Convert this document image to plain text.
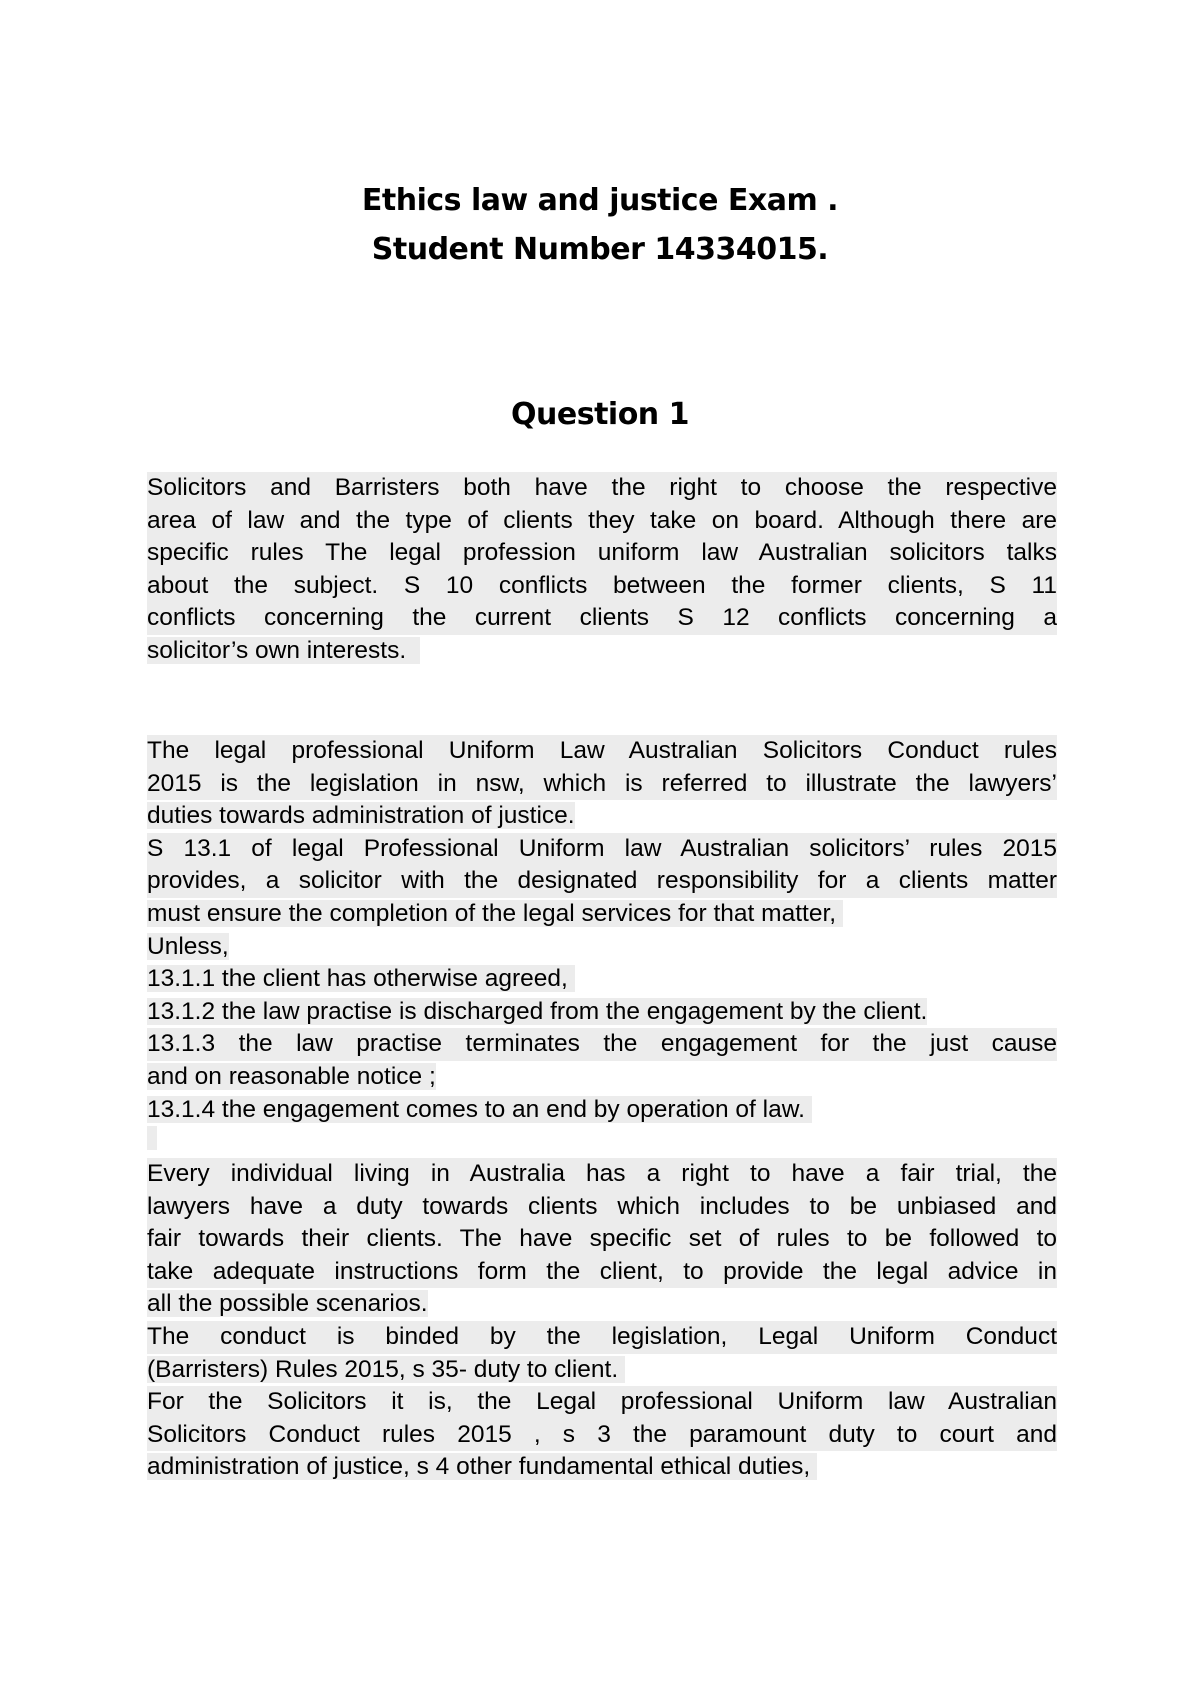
Ethics law and justice Exam .
Student Number 14334015.
Question 1
Solicitors and Barristers both have the right to choose the respective
area of law and the type of clients they take on board. Although there are
specific rules The legal profession uniform law Australian solicitors talks
about the subject. S 10 conflicts between the former clients, S 11
conflicts concerning the current clients S 12 conflicts concerning a
solicitor’s own interests.
The legal professional Uniform Law Australian Solicitors Conduct rules
2015 is the legislation in nsw, which is referred to illustrate the lawyers’
duties towards administration of justice.
S 13.1 of legal Professional Uniform law Australian solicitors’ rules 2015
provides, a solicitor with the designated responsibility for a clients matter
must ensure the completion of the legal services for that matter,
Unless,
13.1.1 the client has otherwise agreed,
13.1.2 the law practise is discharged from the engagement by the client.
13.1.3 the law practise terminates the engagement for the just cause
and on reasonable notice ;
13.1.4 the engagement comes to an end by operation of law.
Every individual living in Australia has a right to have a fair trial, the
lawyers have a duty towards clients which includes to be unbiased and
fair towards their clients. The have specific set of rules to be followed to
take adequate instructions form the client, to provide the legal advice in
all the possible scenarios.
The conduct is binded by the legislation, Legal Uniform Conduct
(Barristers) Rules 2015, s 35- duty to client.
For the Solicitors it is, the Legal professional Uniform law Australian
Solicitors Conduct rules 2015 , s 3 the paramount duty to court and
administration of justice, s 4 other fundamental ethical duties,
